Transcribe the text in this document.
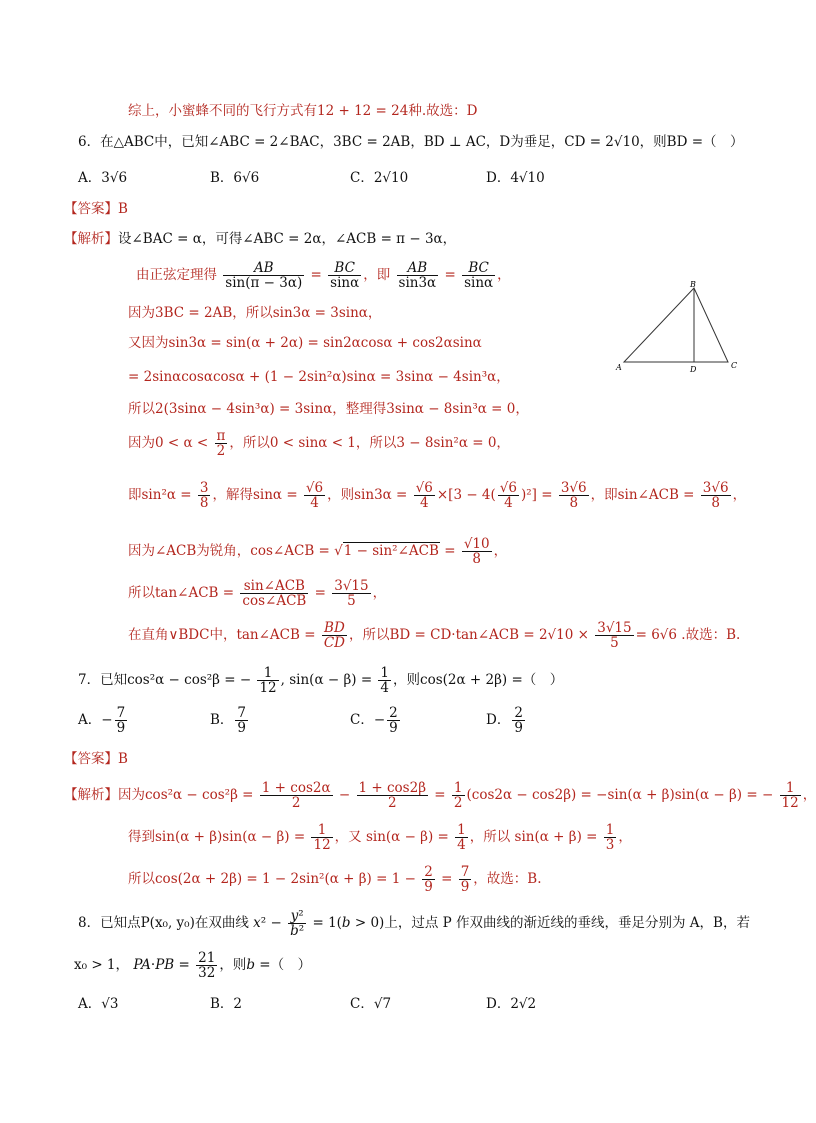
综上，小蜜蜂不同的飞行方式有12 + 12 = 24种.故选：D
6．在△ABC中，已知∠ABC = 2∠BAC，3BC = 2AB，BD ⊥ AC，D为垂足，CD = 2√10，则BD =（　）
A．3√6	B．6√6	C．2√10	D．4√10
【答案】B
【解析】设∠BAC = α，可得∠ABC = 2α，∠ACB = π − 3α，
由正弦定理得 $\frac{AB}{\sin(\pi - 3\alpha)} = \frac{BC}{\sin\alpha}$ ，即 $\frac{AB}{\sin 3\alpha} = \frac{BC}{\sin\alpha}$ ，
因为3BC = 2AB，所以sin3α = 3sinα，
又因为sin3α = sin(α + 2α) = sin2αcosα + cos2αsinα
= 2sinαcosαcosα + (1 − 2sin²α)sinα = 3sinα − 4sin³α，
所以2(3sinα − 4sin³α) = 3sinα，整理得3sinα − 8sin³α = 0，
因为$0 < \alpha < \frac{\pi}{2}$ ，所以0 < sinα < 1，所以3 − 8sin²α = 0，
即$\sin^2\alpha = \frac{3}{8}$ ，解得$\sin\alpha = \frac{√6}{4}$ ，则$\sin 3\alpha = \frac{√6}{4} \times[3 - 4( \frac{√6}{4} )^2] = \frac{3√6}{8}$ ，即sin∠ACB = $\frac{3√6}{8}$ ，
因为∠ACB为锐角，cos∠ACB = √1 − sin²∠ACB = $\frac{√10}{8}$ ，
所以tan∠ACB = $\frac{\text{sin∠ACB}}{\text{cos∠ACB}} = \frac{3√15}{5}$ ，
在直角∨BDC中，tan∠ACB = $\frac{BD}{CD}$ ，所以BD = CD·tan∠ACB = $2√10 \times \frac{3√15}{5} = 6√6$ .故选：B.
B
A	D	C
7．已知cos²α − cos²β = − $\frac{1}{12}$ , $\sin(\alpha - \beta) = \frac{1}{4}$ ，则cos(2α + 2β) =（　）
A．− $\frac{7}{9}$	B． $\frac{7}{9}$	C．− $\frac{2}{9}$	D． $\frac{2}{9}$
【答案】B
【解析】因为$\cos^2\alpha - \cos^2\beta = \frac{1 + \cos 2\alpha}{2} - \frac{1 + \cos 2\beta}{2} = \frac{1}{2} (\cos 2\alpha - \cos 2\beta) = -\sin(\alpha + \beta)\sin(\alpha - \beta)$ = − $\frac{1}{12}$ ，
得到$\sin(\alpha + \beta)\sin(\alpha - \beta) = \frac{1}{12}$ ，又 $\sin(\alpha - \beta) = \frac{1}{4}$ ，所以 $\sin(\alpha + \beta) = \frac{1}{3}$ ，
所以$\cos(2\alpha + 2\beta) = 1 - 2\sin^2(\alpha + \beta) = 1 - \frac{2}{9} = \frac{7}{9}$ ，故选：B.
8．已知点P(x₀, y₀)在双曲线 $x^2 - \frac{\text{y²}}{\text{b²}} = 1(b > 0)$上，过点 P 作双曲线的渐近线的垂线，垂足分别为 A，B，若
x₀ > 1， $PA\cdot PB = \frac{21}{32}$ ，则b =（　）
A．√3	B．2	C．√7	D．2√2
